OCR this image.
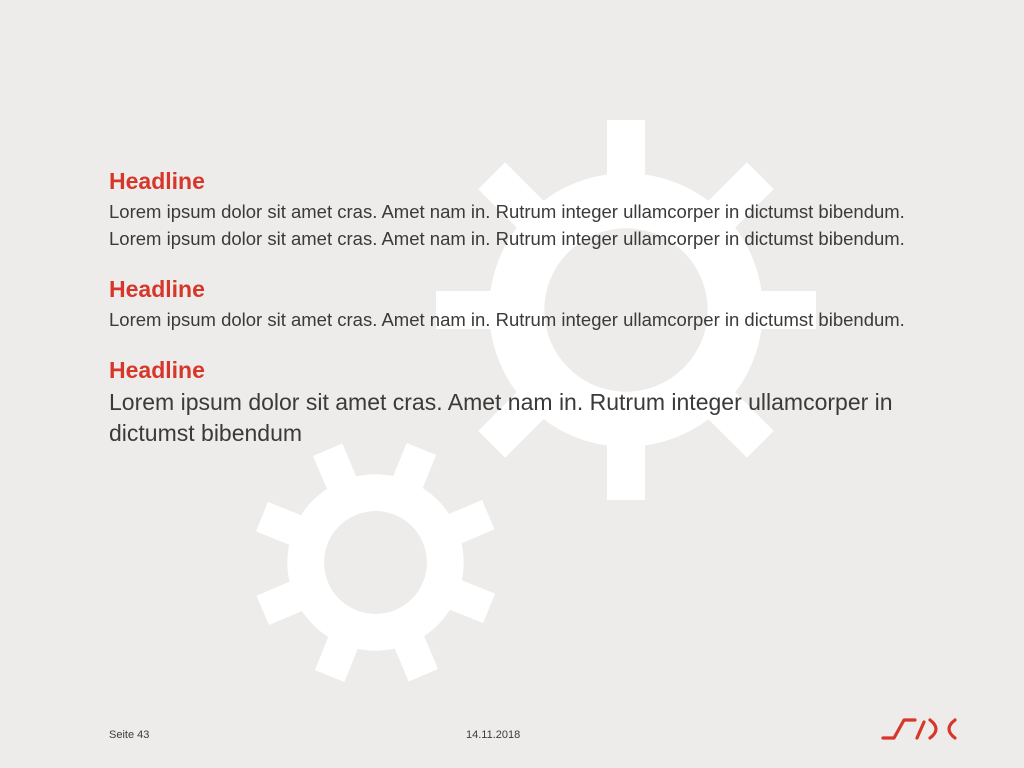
Headline

Lorem ipsum dolor sit amet cras. Amet nam in. Rutrum integer ullamcorper in dictumst bibendum. Lorem ipsum dolor sit amet cras. Amet nam in. Rutrum integer ullamcorper in dictumst bibendum.

Headline

Lorem ipsum dolor sit amet cras. Amet nam in. Rutrum integer ullamcorper in dictumst bibendum.

Headline

Lorem ipsum dolor sit amet cras. Amet nam in. Rutrum integer ullamcorper in dictumst bibendum

Seite 43	14.11.2018
